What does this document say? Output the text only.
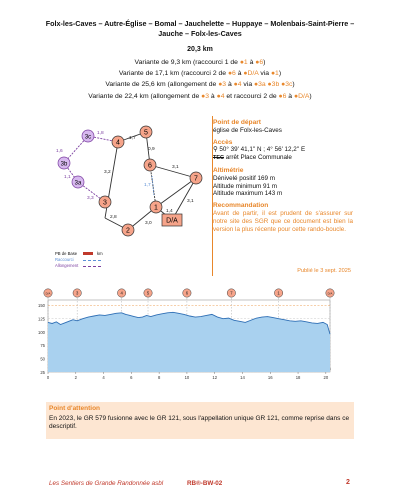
Folx-les-Caves – Autre-Église – Bomal – Jauchelette – Huppaye – Molenbais-Saint-Pierre –
Jauche – Folx-les-Caves
20,3 km
Variante de 9,3 km (raccourci 1 de ●1 à ●6)
Variante de 17,1 km (raccourci 2 de ●6 à ●D/A via ●1)
Variante de 25,6 km (allongement de ●3 à ●4 via ●3a ●3b ●3c)
Variante de 22,4 km (allongement de ●3 à ●4 et raccourci 2 de ●6 à ●D/A)
1
2
3
4
5
6
7
3a
3b
3c
D/A
1,7
1,8
1,6
1,1
0,9
3,2
2,8
3,0
1,4
3,1
3,1
1,7
3,3
PB de Base	km
Raccourci
Allongement
Point de départ
église de Folx-les-Caves
Accès
⚲ 50° 39' 41,1'' N ; 4° 56' 12,2'' E
TEC arrêt Place Communale
Altimétrie
Dénivelé positif 169 m
Altitude minimum 91 m
Altitude maximum 143 m
Recommandation
Avant de partir, il est prudent de s'assurer sur notre site des SGR que ce document est bien la version la plus récente pour cette rando-boucle.
Publié le 3 sept. 2025
25
50
75
100
125
150
0	2	4	6	8	10	12	14	16	18	20
D/A	3	4	5	6	7	1	D/A
Point d'attention
En 2023, le GR 579 fusionne avec le GR 121, sous l'appellation unique GR 121, comme reprise dans ce descriptif.
Les Sentiers de Grande Randonnée asbl	RB®-BW-02	2
